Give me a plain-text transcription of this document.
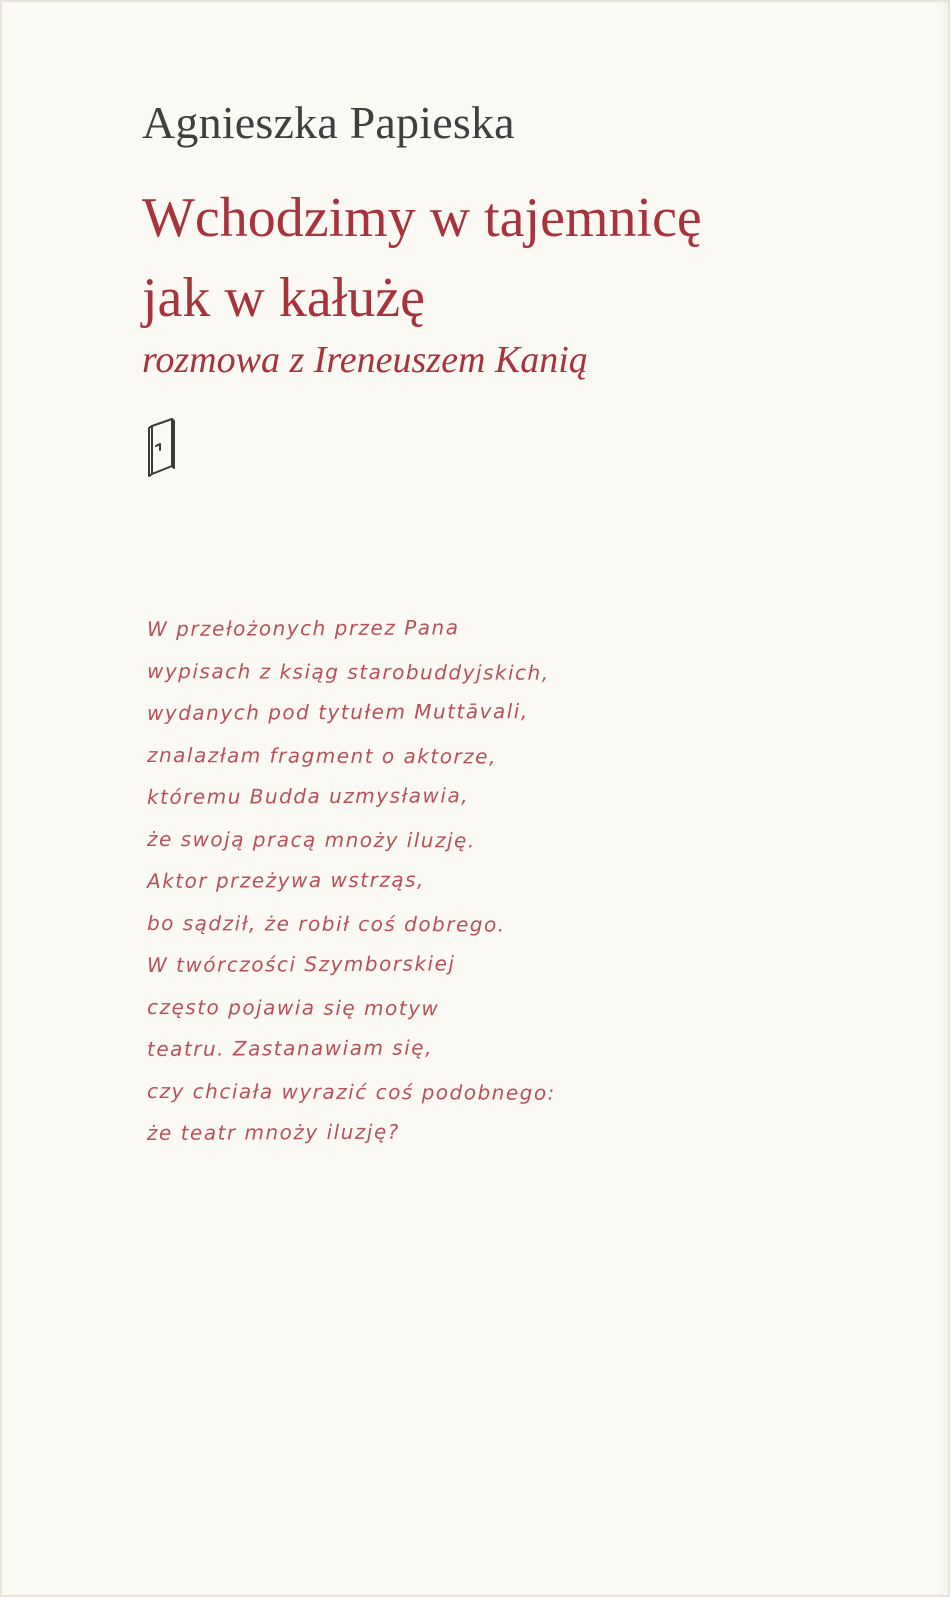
Agnieszka Papieska
Wchodzimy w tajemnicę
jak w kałużę
rozmowa z Ireneuszem Kanią
W przełożonych przez Pana
wypisach z ksiąg starobuddyjskich,
wydanych pod tytułem Muttāvali,
znalazłam fragment o aktorze,
któremu Budda uzmysławia,
że swoją pracą mnoży iluzję.
Aktor przeżywa wstrząs,
bo sądził, że robił coś dobrego.
W twórczości Szymborskiej
często pojawia się motyw
teatru. Zastanawiam się,
czy chciała wyrazić coś podobnego:
że teatr mnoży iluzję?
